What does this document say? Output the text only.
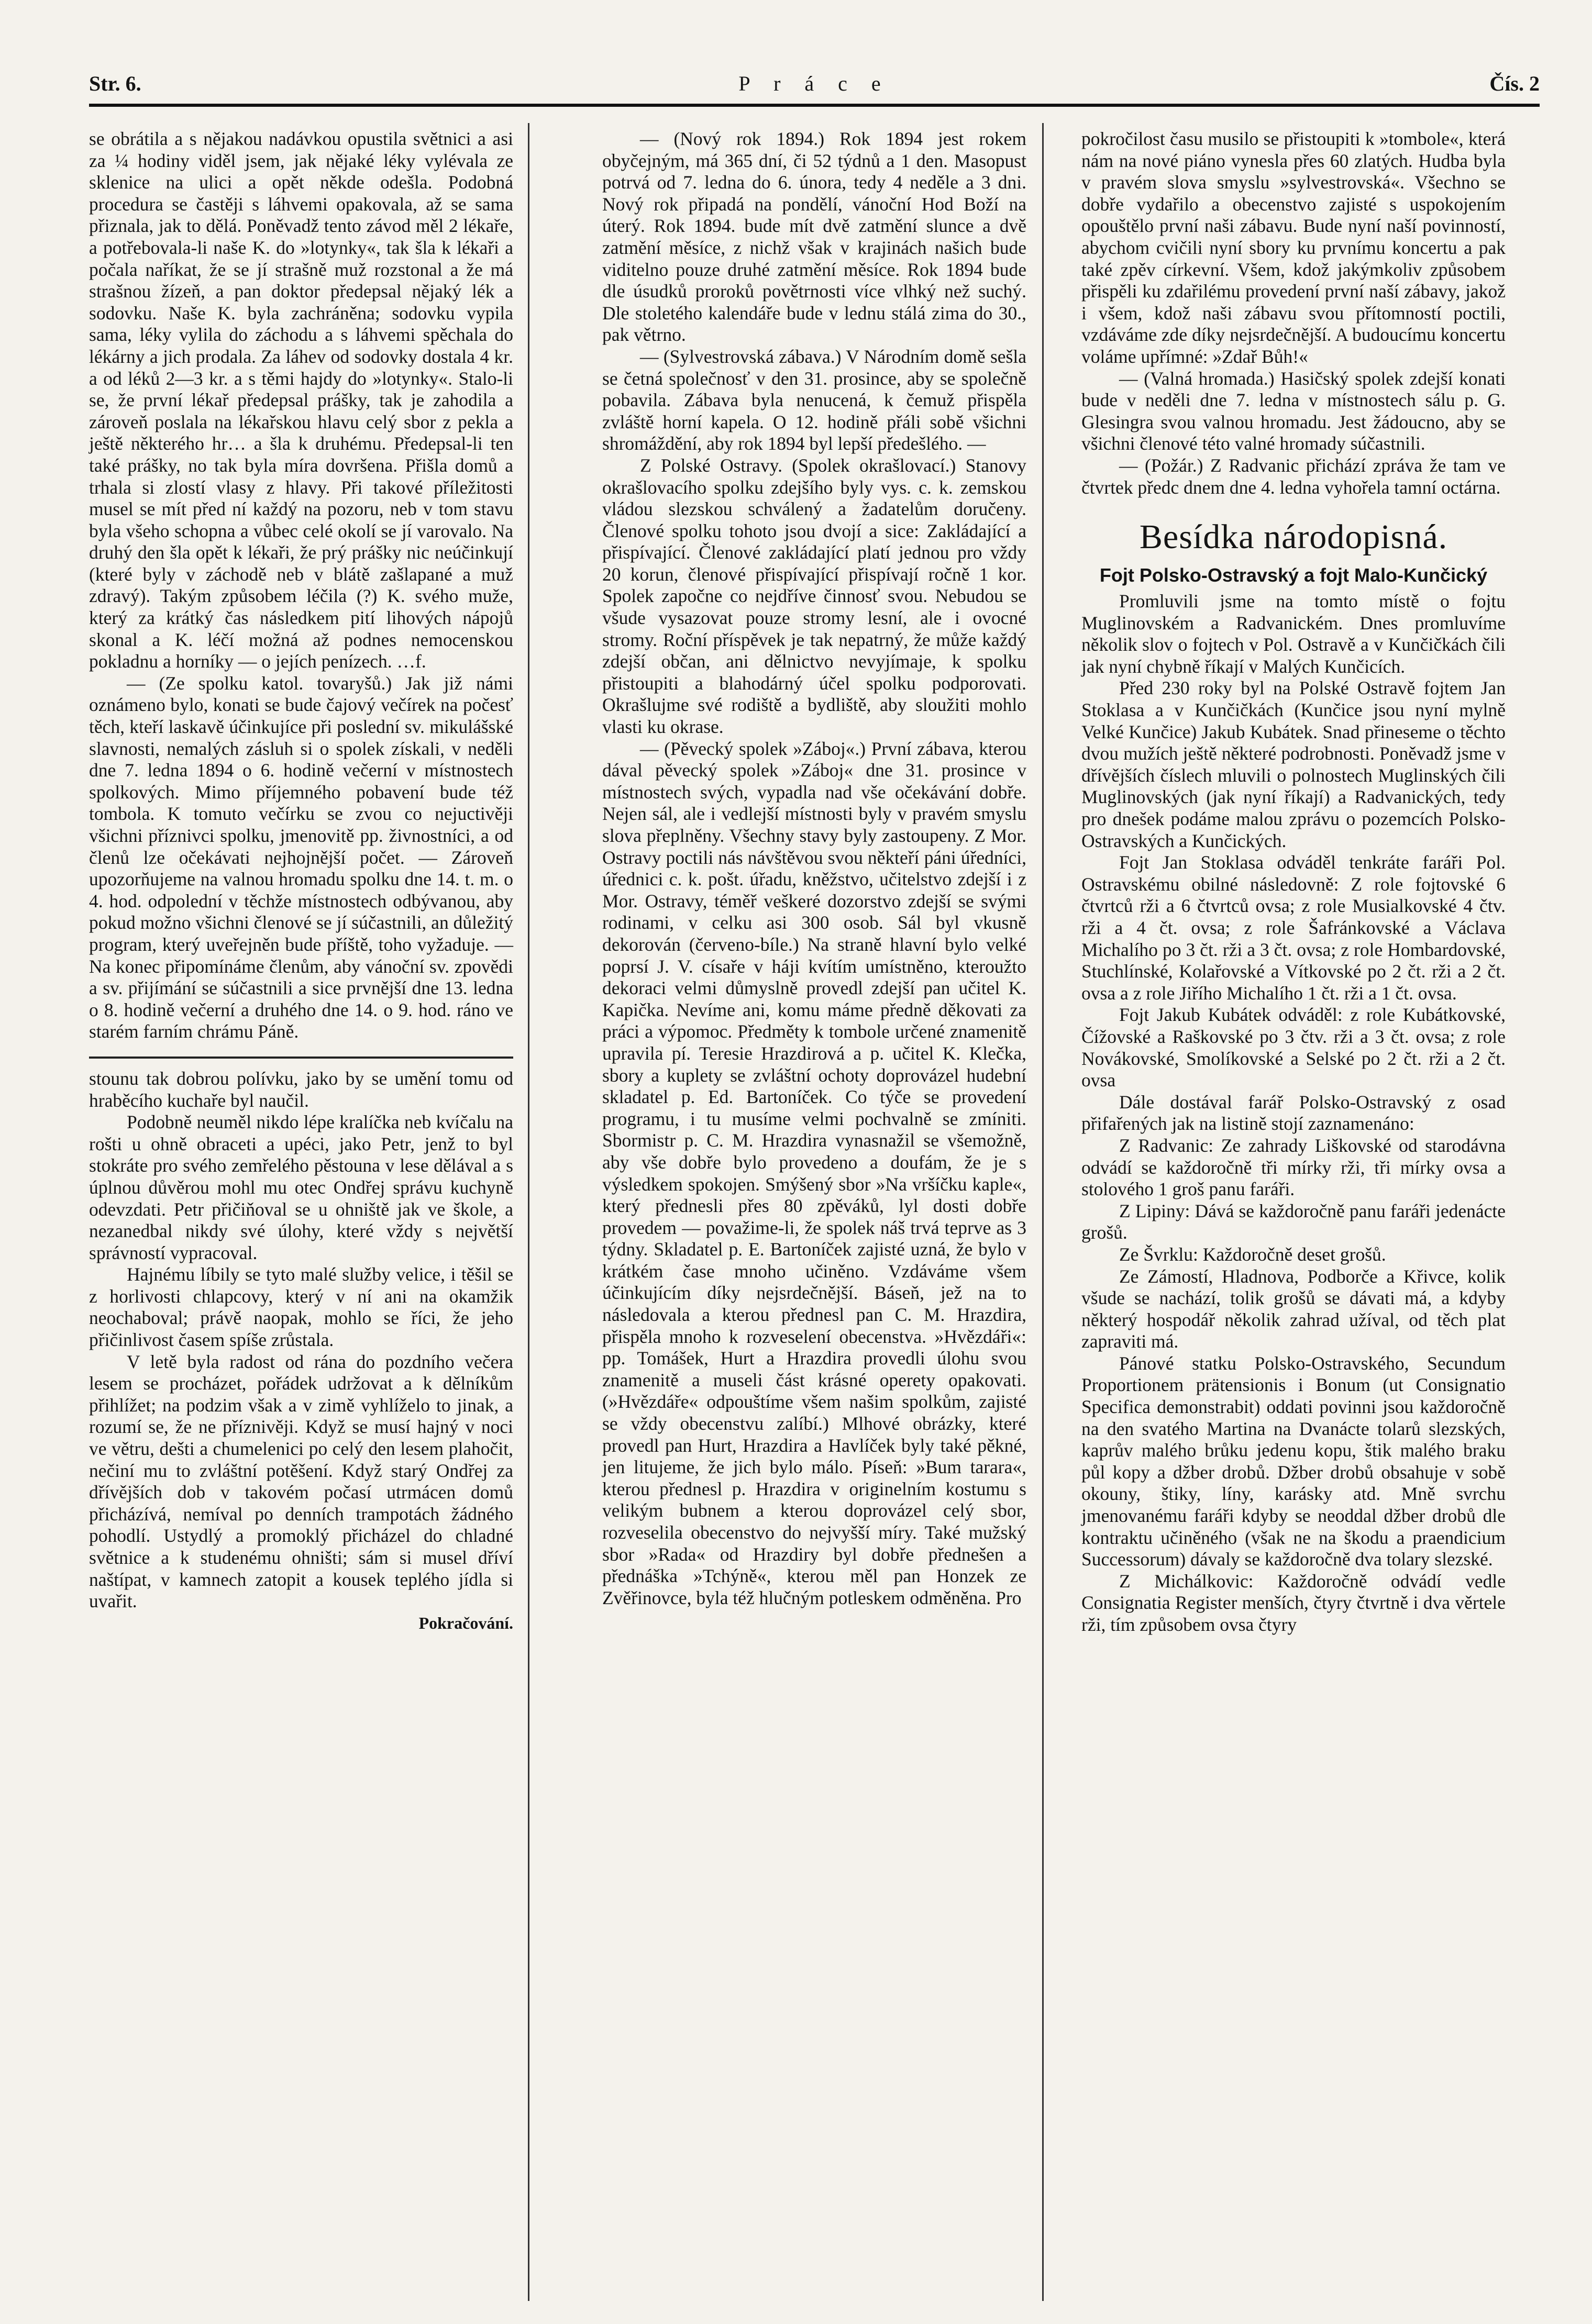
Str. 6.	P r á c e	Čís. 2

se obrátila a s nějakou nadávkou opustila světnici a asi za ¼ hodiny viděl jsem, jak nějaké léky vylévala ze sklenice na ulici a opět někde odešla. Podobná procedura se častěji s láhvemi opakovala, až se sama přiznala, jak to dělá. Poněvadž tento závod měl 2 lékaře, a potřebovala-li naše K. do »lotynky«, tak šla k lékaři a počala naříkat, že se jí strašně muž rozstonal a že má strašnou žízeň, a pan doktor předepsal nějaký lék a sodovku. Naše K. byla zachráněna; sodovku vypila sama, léky vylila do záchodu a s láhvemi spěchala do lékárny a jich prodala. Za láhev od sodovky dostala 4 kr. a od léků 2—3 kr. a s těmi hajdy do »lotynky«. Stalo-li se, že první lékař předepsal prášky, tak je zahodila a zároveň poslala na lékařskou hlavu celý sbor z pekla a ještě některého hr… a šla k druhému. Předepsal-li ten také prášky, no tak byla míra dovršena. Přišla domů a trhala si zlostí vlasy z hlavy. Při takové příležitosti musel se mít před ní každý na pozoru, neb v tom stavu byla všeho schopna a vůbec celé okolí se jí varovalo. Na druhý den šla opět k lékaři, že prý prášky nic neúčinkují (které byly v záchodě neb v blátě zašlapané a muž zdravý). Takým způsobem léčila (?) K. svého muže, který za krátký čas následkem pití lihových nápojů skonal a K. léčí možná až podnes nemocenskou pokladnu a horníky — o jejích penízech. …f.

— (Ze spolku katol. tovaryšů.) Jak již námi oznámeno bylo, konati se bude čajový večírek na počesť těch, kteří laskavě účinkujíce při poslední sv. mikulášské slavnosti, nemalých zásluh si o spolek získali, v neděli dne 7. ledna 1894 o 6. hodině večerní v místnostech spolkových. Mimo příjemného pobavení bude též tombola. K tomuto večírku se zvou co nejuctivěji všichni příznivci spolku, jmenovitě pp. živnostníci, a od členů lze očekávati nejhojnější počet. — Zároveň upozorňujeme na valnou hromadu spolku dne 14. t. m. o 4. hod. odpolední v těchže místnostech odbývanou, aby pokud možno všichni členové se jí súčastnili, an důležitý program, který uveřejněn bude příště, toho vyžaduje. — Na konec připomínáme členům, aby vánoční sv. zpovědi a sv. přijímání se súčastnili a sice prvnější dne 13. ledna o 8. hodině večerní a druhého dne 14. o 9. hod. ráno ve starém farním chrámu Páně.

stounu tak dobrou polívku, jako by se umění tomu od hraběcího kuchaře byl naučil.

Podobně neuměl nikdo lépe kralíčka neb kvíčalu na rošti u ohně obraceti a upéci, jako Petr, jenž to byl stokráte pro svého zemřelého pěstouna v lese dělával a s úplnou důvěrou mohl mu otec Ondřej správu kuchyně odevzdati. Petr přičiňoval se u ohniště jak ve škole, a nezanedbal nikdy své úlohy, které vždy s největší správností vypracoval.

Hajnému líbily se tyto malé služby velice, i těšil se z horlivosti chlapcovy, který v ní ani na okamžik neochaboval; právě naopak, mohlo se říci, že jeho přičinlivost časem spíše zrůstala.

V letě byla radost od rána do pozdního večera lesem se procházet, pořádek udržovat a k dělníkům přihlížet; na podzim však a v zimě vyhlíželo to jinak, a rozumí se, že ne příznivěji. Když se musí hajný v noci ve větru, dešti a chumelenici po celý den lesem plahočit, nečiní mu to zvláštní potěšení. Když starý Ondřej za dřívějších dob v takovém počasí utrmácen domů přicházívá, nemíval po denních trampotách žádného pohodlí. Ustydlý a promoklý přicházel do chladné světnice a k studenému ohništi; sám si musel dříví naštípat, v kamnech zatopit a kousek teplého jídla si uvařit.

Pokračování.

— (Nový rok 1894.) Rok 1894 jest rokem obyčejným, má 365 dní, či 52 týdnů a 1 den. Masopust potrvá od 7. ledna do 6. února, tedy 4 neděle a 3 dni. Nový rok připadá na pondělí, vánoční Hod Boží na úterý. Rok 1894. bude mít dvě zatmění slunce a dvě zatmění měsíce, z nichž však v krajinách našich bude viditelno pouze druhé zatmění měsíce. Rok 1894 bude dle úsudků proroků povětrnosti více vlhký než suchý. Dle stoletého kalendáře bude v lednu stálá zima do 30., pak větrno.

— (Sylvestrovská zábava.) V Národním domě sešla se četná společnosť v den 31. prosince, aby se společně pobavila. Zábava byla nenucená, k čemuž přispěla zvláště horní kapela. O 12. hodině přáli sobě všichni shromáždění, aby rok 1894 byl lepší předešlého. —

Z Polské Ostravy. (Spolek okrašlovací.) Stanovy okrašlovacího spolku zdejšího byly vys. c. k. zemskou vládou slezskou schválený a žadatelům doručeny. Členové spolku tohoto jsou dvojí a sice: Zakládající a přispívající. Členové zakládající platí jednou pro vždy 20 korun, členové přispívající přispívají ročně 1 kor. Spolek započne co nejdříve činnosť svou. Nebudou se všude vysazovat pouze stromy lesní, ale i ovocné stromy. Roční příspěvek je tak nepatrný, že může každý zdejší občan, ani dělnictvo nevyjímaje, k spolku přistoupiti a blahodárný účel spolku podporovati. Okrašlujme své rodiště a bydliště, aby sloužiti mohlo vlasti ku okrase.

— (Pěvecký spolek »Záboj«.) První zábava, kterou dával pěvecký spolek »Záboj« dne 31. prosince v místnostech svých, vypadla nad vše očekávání dobře. Nejen sál, ale i vedlejší místnosti byly v pravém smyslu slova přeplněny. Všechny stavy byly zastoupeny. Z Mor. Ostravy poctili nás návštěvou svou někteří páni úředníci, úřednici c. k. pošt. úřadu, kněžstvo, učitelstvo zdejší i z Mor. Ostravy, téměř veškeré dozorstvo zdejší se svými rodinami, v celku asi 300 osob. Sál byl vkusně dekorován (červeno-bíle.) Na straně hlavní bylo velké poprsí J. V. císaře v háji kvítím umístněno, kteroužto dekoraci velmi důmyslně provedl zdejší pan učitel K. Kapička. Nevíme ani, komu máme předně děkovati za práci a výpomoc. Předměty k tombole určené znamenitě upravila pí. Teresie Hrazdirová a p. učitel K. Klečka, sbory a kuplety se zvláštní ochoty doprovázel hudební skladatel p. Ed. Bartoníček. Co týče se provedení programu, i tu musíme velmi pochvalně se zmíniti. Sbormistr p. C. M. Hrazdira vynasnažil se všemožně, aby vše dobře bylo provedeno a doufám, že je s výsledkem spokojen. Smýšený sbor »Na vršíčku kaple«, který přednesli přes 80 zpěváků, lyl dosti dobře provedem — považime-li, že spolek náš trvá teprve as 3 týdny. Skladatel p. E. Bartoníček zajisté uzná, že bylo v krátkém čase mnoho učiněno. Vzdáváme všem účinkujícím díky nejsrdečnější. Báseň, jež na to následovala a kterou přednesl pan C. M. Hrazdira, přispěla mnoho k rozveselení obecenstva. »Hvězdáři«: pp. Tomášek, Hurt a Hrazdira provedli úlohu svou znamenitě a museli část krásné operety opakovati. (»Hvězdáře« odpouštíme všem našim spolkům, zajisté se vždy obecenstvu zalíbí.) Mlhové obrázky, které provedl pan Hurt, Hrazdira a Havlíček byly také pěkné, jen litujeme, že jich bylo málo. Píseň: »Bum tarara«, kterou přednesl p. Hrazdira v originelním kostumu s velikým bubnem a kterou doprovázel celý sbor, rozveselila obecenstvo do nejvyšší míry. Také mužský sbor »Rada« od Hrazdiry byl dobře přednešen a přednáška »Tchýně«, kterou měl pan Honzek ze Zvěřinovce, byla též hlučným potleskem odměněna. Pro

pokročilost času musilo se přistoupiti k »tombole«, která nám na nové piáno vynesla přes 60 zlatých. Hudba byla v pravém slova smyslu »sylvestrovská«. Všechno se dobře vydařilo a obecenstvo zajisté s uspokojením opouštělo první naši zábavu. Bude nyní naší povinností, abychom cvičili nyní sbory ku prvnímu koncertu a pak také zpěv církevní. Všem, kdož jakýmkoliv způsobem přispěli ku zdařilému provedení první naší zábavy, jakož i všem, kdož naši zábavu svou přítomností poctili, vzdáváme zde díky nejsrdečnější. A budoucímu koncertu voláme upřímné: »Zdař Bůh!«

— (Valná hromada.) Hasičský spolek zdejší konati bude v neděli dne 7. ledna v místnostech sálu p. G. Glesingra svou valnou hromadu. Jest žádoucno, aby se všichni členové této valné hromady súčastnili.

— (Požár.) Z Radvanic přichází zpráva že tam ve čtvrtek předc dnem dne 4. ledna vyhořela tamní octárna.

Besídka národopisná.
Fojt Polsko-Ostravský a fojt Malo-Kunčický

Promluvili jsme na tomto místě o fojtu Muglinovském a Radvanickém. Dnes promluvíme několik slov o fojtech v Pol. Ostravě a v Kunčičkách čili jak nyní chybně říkají v Malých Kunčicích.

Před 230 roky byl na Polské Ostravě fojtem Jan Stoklasa a v Kunčičkách (Kunčice jsou nyní mylně Velké Kunčice) Jakub Kubátek. Snad přineseme o těchto dvou mužích ještě některé podrobnosti. Poněvadž jsme v dřívějších číslech mluvili o polnostech Muglinských čili Muglinovských (jak nyní říkají) a Radvanických, tedy pro dnešek podáme malou zprávu o pozemcích Polsko-Ostravských a Kunčických.

Fojt Jan Stoklasa odváděl tenkráte faráři Pol. Ostravskému obilné následovně: Z role fojtovské 6 čtvrtců rži a 6 čtvrtců ovsa; z role Musialkovské 4 čtv. rži a 4 čt. ovsa; z role Šafránkovské a Václava Michalího po 3 čt. rži a 3 čt. ovsa; z role Hombardovské, Stuchlínské, Kolařovské a Vítkovské po 2 čt. rži a 2 čt. ovsa a z role Jiřího Michalího 1 čt. rži a 1 čt. ovsa.

Fojt Jakub Kubátek odváděl: z role Kubátkovské, Čížovské a Raškovské po 3 čtv. rži a 3 čt. ovsa; z role Novákovské, Smolíkovské a Selské po 2 čt. rži a 2 čt. ovsa

Dále dostával farář Polsko-Ostravský z osad přifařených jak na listině stojí zaznamenáno:

Z Radvanic: Ze zahrady Liškovské od starodávna odvádí se každoročně tři mírky rži, tři mírky ovsa a stolového 1 groš panu faráři.

Z Lipiny: Dává se každoročně panu faráři jedenácte grošů.

Ze Švrklu: Každoročně deset grošů.

Ze Zámostí, Hladnova, Podborče a Křivce, kolik všude se nachází, tolik grošů se dávati má, a kdyby některý hospodář několik zahrad užíval, od těch plat zapraviti má.

Pánové statku Polsko-Ostravského, Secundum Proportionem prätensionis i Bonum (ut Consignatio Specifica demonstrabit) oddati povinni jsou každoročně na den svatého Martina na Dvanácte tolarů slezských, kaprův malého brůku jedenu kopu, štik malého braku půl kopy a džber drobů. Džber drobů obsahuje v sobě okouny, štiky, líny, karásky atd. Mně svrchu jmenovanému faráři kdyby se neoddal džber drobů dle kontraktu učiněného (však ne na škodu a praendicium Successorum) dávaly se každoročně dva tolary slezské.

Z Michálkovic: Každoročně odvádí vedle Consignatia Register menších, čtyry čtvrtně i dva věrtele rži, tím způsobem ovsa čtyry
